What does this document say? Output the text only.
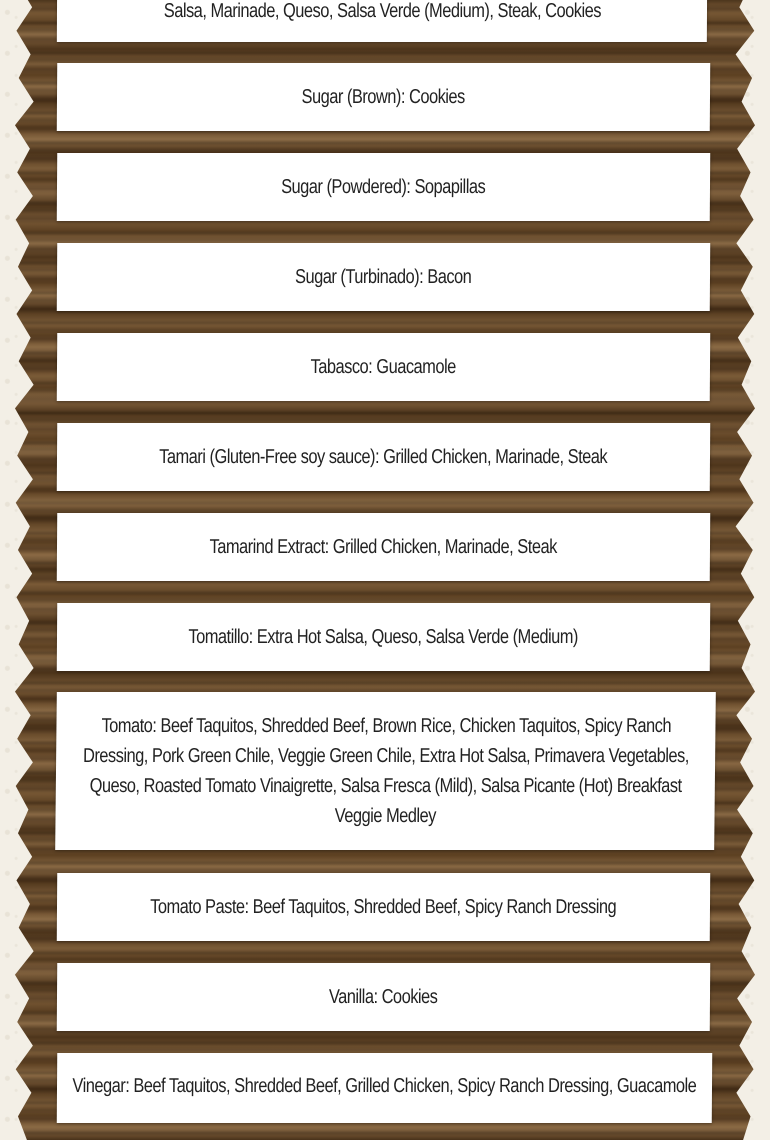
Salsa, Marinade, Queso, Salsa Verde (Medium), Steak, Cookies
Sugar (Brown): Cookies
Sugar (Powdered): Sopapillas
Sugar (Turbinado): Bacon
Tabasco: Guacamole
Tamari (Gluten-Free soy sauce): Grilled Chicken, Marinade, Steak
Tamarind Extract: Grilled Chicken, Marinade, Steak
Tomatillo: Extra Hot Salsa, Queso, Salsa Verde (Medium)
Tomato: Beef Taquitos, Shredded Beef, Brown Rice, Chicken Taquitos, Spicy Ranch Dressing, Pork Green Chile, Veggie Green Chile, Extra Hot Salsa, Primavera Vegetables, Queso, Roasted Tomato Vinaigrette, Salsa Fresca (Mild), Salsa Picante (Hot) Breakfast Veggie Medley
Tomato Paste: Beef Taquitos, Shredded Beef, Spicy Ranch Dressing
Vanilla: Cookies
Vinegar: Beef Taquitos, Shredded Beef, Grilled Chicken, Spicy Ranch Dressing, Guacamole
